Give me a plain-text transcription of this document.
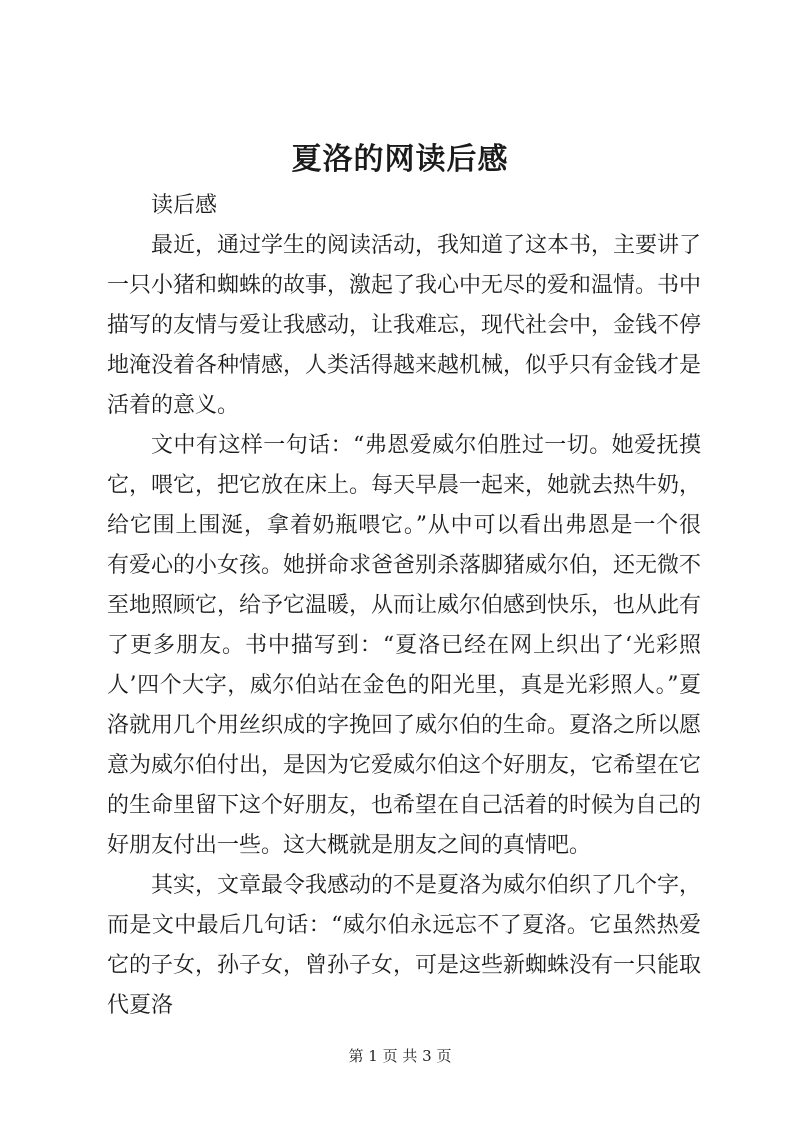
夏洛的网读后感

读后感

最近，通过学生的阅读活动，我知道了这本书，主要讲了一只小猪和蜘蛛的故事，激起了我心中无尽的爱和温情。书中描写的友情与爱让我感动，让我难忘，现代社会中，金钱不停地淹没着各种情感，人类活得越来越机械，似乎只有金钱才是活着的意义。

文中有这样一句话：“弗恩爱威尔伯胜过一切。她爱抚摸它，喂它，把它放在床上。每天早晨一起来，她就去热牛奶，给它围上围涎，拿着奶瓶喂它。”从中可以看出弗恩是一个很有爱心的小女孩。她拼命求爸爸别杀落脚猪威尔伯，还无微不至地照顾它，给予它温暖，从而让威尔伯感到快乐，也从此有了更多朋友。书中描写到：“夏洛已经在网上织出了‘光彩照人’四个大字，威尔伯站在金色的阳光里，真是光彩照人。”夏洛就用几个用丝织成的字挽回了威尔伯的生命。夏洛之所以愿意为威尔伯付出，是因为它爱威尔伯这个好朋友，它希望在它的生命里留下这个好朋友，也希望在自己活着的时候为自己的好朋友付出一些。这大概就是朋友之间的真情吧。

其实，文章最令我感动的不是夏洛为威尔伯织了几个字，而是文中最后几句话：“威尔伯永远忘不了夏洛。它虽然热爱它的子女，孙子女，曾孙子女，可是这些新蜘蛛没有一只能取代夏洛

第 1 页 共 3 页
